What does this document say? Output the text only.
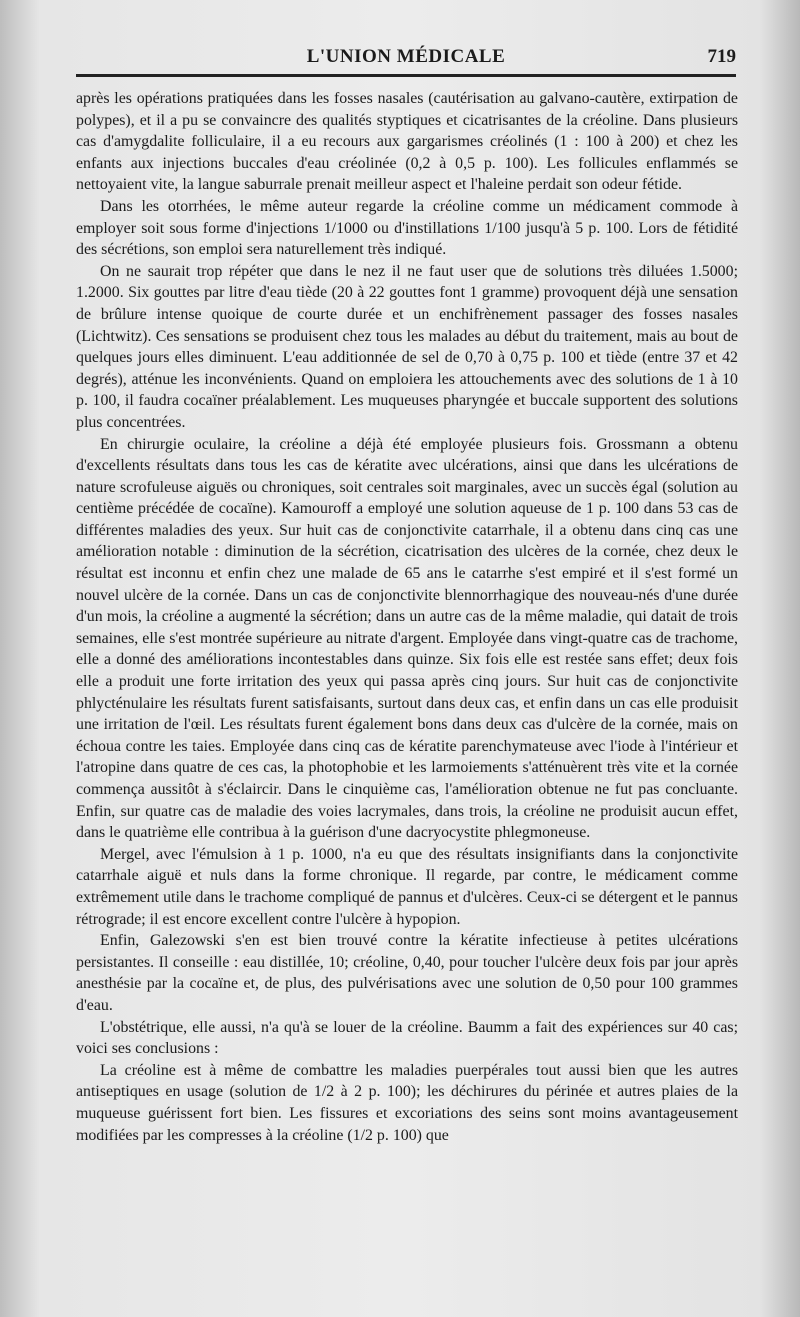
L'UNION MÉDICALE	719

après les opérations pratiquées dans les fosses nasales (cautérisation au galvano-cautère, extirpation de polypes), et il a pu se convaincre des qualités styptiques et cicatrisantes de la créoline. Dans plusieurs cas d'amygdalite folliculaire, il a eu recours aux gargarismes créolinés (1 : 100 à 200) et chez les enfants aux injections buccales d'eau créolinée (0,2 à 0,5 p. 100). Les follicules enflammés se nettoyaient vite, la langue saburrale prenait meilleur aspect et l'haleine perdait son odeur fétide.

Dans les otorrhées, le même auteur regarde la créoline comme un médicament commode à employer soit sous forme d'injections 1/1000 ou d'instillations 1/100 jusqu'à 5 p. 100. Lors de fétidité des sécrétions, son emploi sera naturellement très indiqué.

On ne saurait trop répéter que dans le nez il ne faut user que de solutions très diluées 1.5000; 1.2000. Six gouttes par litre d'eau tiède (20 à 22 gouttes font 1 gramme) provoquent déjà une sensation de brûlure intense quoique de courte durée et un enchifrènement passager des fosses nasales (Lichtwitz). Ces sensations se produisent chez tous les malades au début du traitement, mais au bout de quelques jours elles diminuent. L'eau additionnée de sel de 0,70 à 0,75 p. 100 et tiède (entre 37 et 42 degrés), atténue les inconvénients. Quand on emploiera les attouchements avec des solutions de 1 à 10 p. 100, il faudra cocaïner préalablement. Les muqueuses pharyngée et buccale supportent des solutions plus concentrées.

En chirurgie oculaire, la créoline a déjà été employée plusieurs fois. Grossmann a obtenu d'excellents résultats dans tous les cas de kératite avec ulcérations, ainsi que dans les ulcérations de nature scrofuleuse aiguës ou chroniques, soit centrales soit marginales, avec un succès égal (solution au centième précédée de cocaïne). Kamouroff a employé une solution aqueuse de 1 p. 100 dans 53 cas de différentes maladies des yeux. Sur huit cas de conjonctivite catarrhale, il a obtenu dans cinq cas une amélioration notable : diminution de la sécrétion, cicatrisation des ulcères de la cornée, chez deux le résultat est inconnu et enfin chez une malade de 65 ans le catarrhe s'est empiré et il s'est formé un nouvel ulcère de la cornée. Dans un cas de conjonctivite blennorrhagique des nouveau-nés d'une durée d'un mois, la créoline a augmenté la sécrétion; dans un autre cas de la même maladie, qui datait de trois semaines, elle s'est montrée supérieure au nitrate d'argent. Employée dans vingt-quatre cas de trachome, elle a donné des améliorations incontestables dans quinze. Six fois elle est restée sans effet; deux fois elle a produit une forte irritation des yeux qui passa après cinq jours. Sur huit cas de conjonctivite phlycténulaire les résultats furent satisfaisants, surtout dans deux cas, et enfin dans un cas elle produisit une irritation de l'œil. Les résultats furent également bons dans deux cas d'ulcère de la cornée, mais on échoua contre les taies. Employée dans cinq cas de kératite parenchymateuse avec l'iode à l'intérieur et l'atropine dans quatre de ces cas, la photophobie et les larmoiements s'atténuèrent très vite et la cornée commença aussitôt à s'éclaircir. Dans le cinquième cas, l'amélioration obtenue ne fut pas concluante. Enfin, sur quatre cas de maladie des voies lacrymales, dans trois, la créoline ne produisit aucun effet, dans le quatrième elle contribua à la guérison d'une dacryocystite phlegmoneuse.

Mergel, avec l'émulsion à 1 p. 1000, n'a eu que des résultats insignifiants dans la conjonctivite catarrhale aiguë et nuls dans la forme chronique. Il regarde, par contre, le médicament comme extrêmement utile dans le trachome compliqué de pannus et d'ulcères. Ceux-ci se détergent et le pannus rétrograde; il est encore excellent contre l'ulcère à hypopion.

Enfin, Galezowski s'en est bien trouvé contre la kératite infectieuse à petites ulcérations persistantes. Il conseille : eau distillée, 10; créoline, 0,40, pour toucher l'ulcère deux fois par jour après anesthésie par la cocaïne et, de plus, des pulvérisations avec une solution de 0,50 pour 100 grammes d'eau.

L'obstétrique, elle aussi, n'a qu'à se louer de la créoline. Baumm a fait des expériences sur 40 cas; voici ses conclusions :

La créoline est à même de combattre les maladies puerpérales tout aussi bien que les autres antiseptiques en usage (solution de 1/2 à 2 p. 100); les déchirures du périnée et autres plaies de la muqueuse guérissent fort bien. Les fissures et excoriations des seins sont moins avantageusement modifiées par les compresses à la créoline (1/2 p. 100) que
